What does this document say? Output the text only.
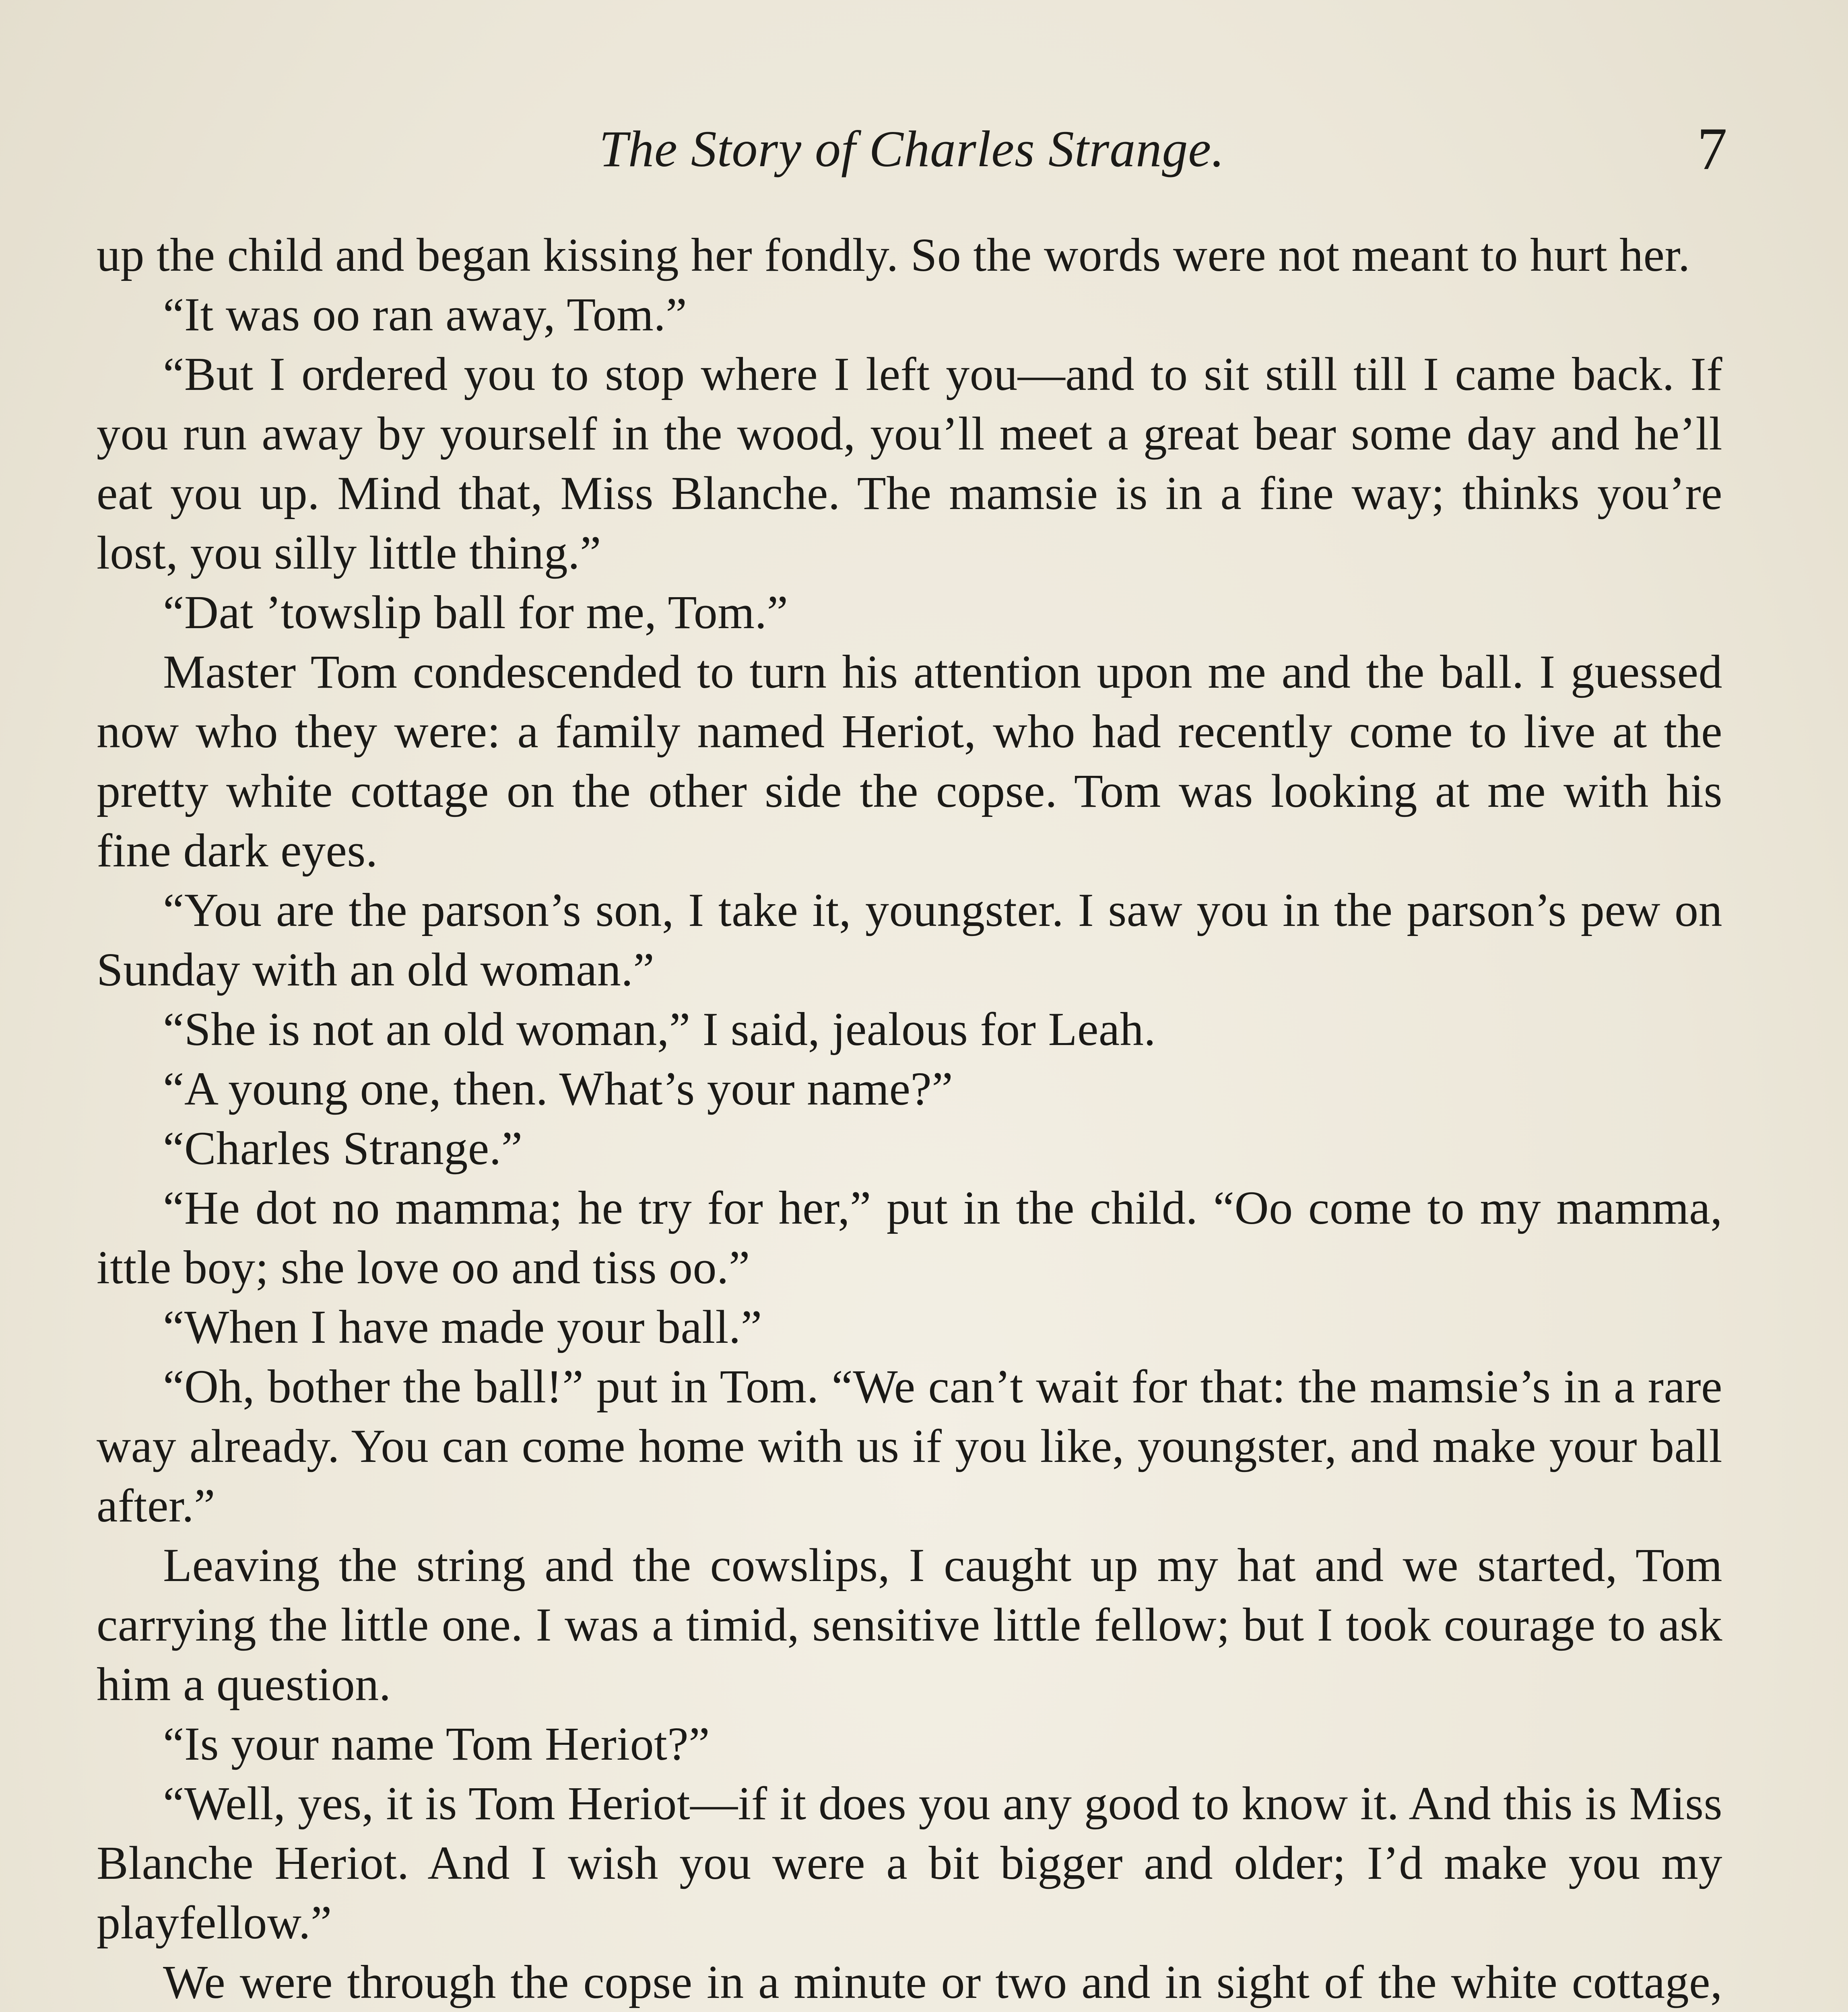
The Story of Charles Strange.	7

up the child and began kissing her fondly. So the words were not meant to hurt her.

“It was oo ran away, Tom.”

“But I ordered you to stop where I left you—and to sit still till I came back. If you run away by yourself in the wood, you’ll meet a great bear some day and he’ll eat you up. Mind that, Miss Blanche. The mamsie is in a fine way; thinks you’re lost, you silly little thing.”

“Dat ’towslip ball for me, Tom.”

Master Tom condescended to turn his attention upon me and the ball. I guessed now who they were: a family named Heriot, who had recently come to live at the pretty white cottage on the other side the copse. Tom was looking at me with his fine dark eyes.

“You are the parson’s son, I take it, youngster. I saw you in the parson’s pew on Sunday with an old woman.”

“She is not an old woman,” I said, jealous for Leah.

“A young one, then. What’s your name?”

“Charles Strange.”

“He dot no mamma; he try for her,” put in the child. “Oo come to my mamma, ittle boy; she love oo and tiss oo.”

“When I have made your ball.”

“Oh, bother the ball!” put in Tom. “We can’t wait for that: the mamsie’s in a rare way already. You can come home with us if you like, youngster, and make your ball after.”

Leaving the string and the cowslips, I caught up my hat and we started, Tom carrying the little one. I was a timid, sensitive little fellow; but I took courage to ask him a question.

“Is your name Tom Heriot?”

“Well, yes, it is Tom Heriot—if it does you any good to know it. And this is Miss Blanche Heriot. And I wish you were a bit bigger and older; I’d make you my playfellow.”

We were through the copse in a minute or two and in sight of the white cottage,
